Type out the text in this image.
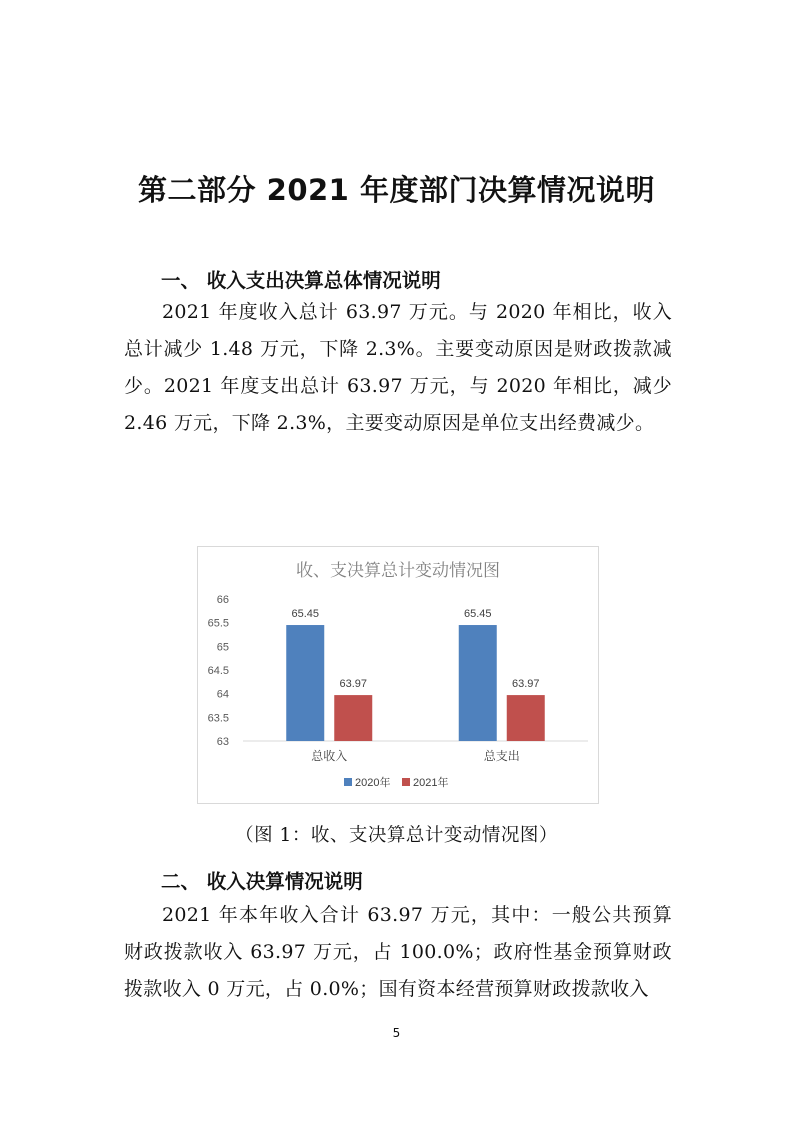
第二部分 2021 年度部门决算情况说明
一、 收入支出决算总体情况说明
2021 年度收入总计 63.97 万元。与 2020 年相比，收入总计减少 1.48 万元，下降 2.3%。主要变动原因是财政拨款减少。2021 年度支出总计 63.97 万元，与 2020 年相比，减少 2.46 万元，下降 2.3%，主要变动原因是单位支出经费减少。
收、支决算总计变动情况图
63
63.5
64
64.5
65
65.5
66
65.45
63.97
总收入
65.45
63.97
总支出
2020年 2021年
（图 1：收、支决算总计变动情况图）
二、 收入决算情况说明
2021 年本年收入合计 63.97 万元，其中：一般公共预算财政拨款收入 63.97 万元，占 100.0%；政府性基金预算财政拨款收入 0 万元，占 0.0%；国有资本经营预算财政拨款收入
5
